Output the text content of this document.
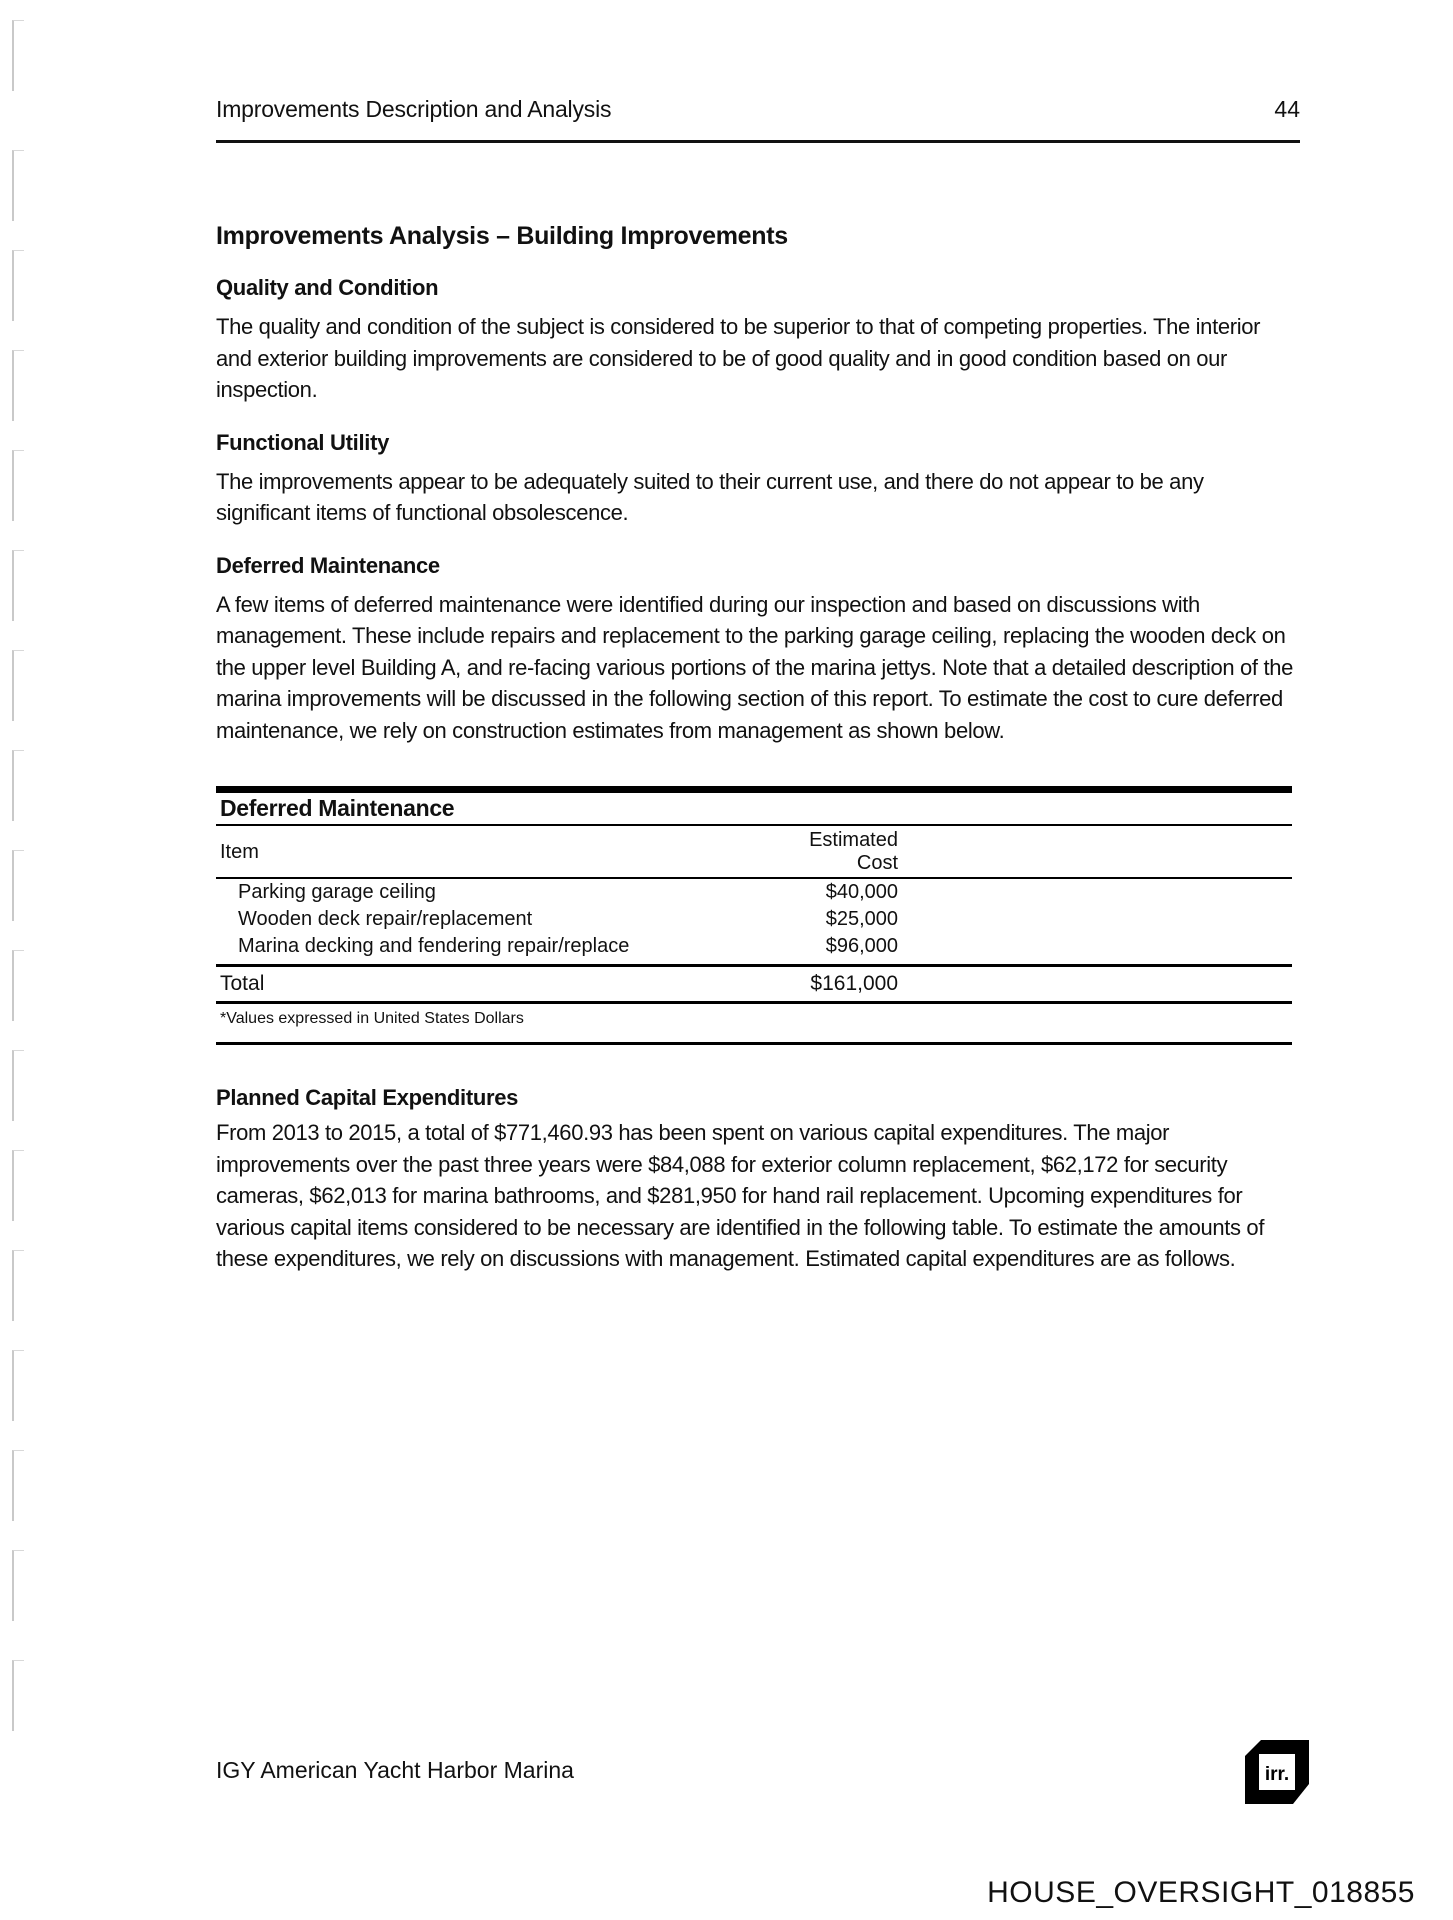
Improvements Description and Analysis	44
Improvements Analysis – Building Improvements
Quality and Condition

The quality and condition of the subject is considered to be superior to that of competing properties. The interior and exterior building improvements are considered to be of good quality and in good condition based on our inspection.

Functional Utility

The improvements appear to be adequately suited to their current use, and there do not appear to be any significant items of functional obsolescence.

Deferred Maintenance

A few items of deferred maintenance were identified during our inspection and based on discussions with management. These include repairs and replacement to the parking garage ceiling, replacing the wooden deck on the upper level Building A, and re-facing various portions of the marina jettys. Note that a detailed description of the marina improvements will be discussed in the following section of this report. To estimate the cost to cure deferred maintenance, we rely on construction estimates from management as shown below.

Deferred Maintenance		
Item	Estimated Cost	
Parking garage ceiling	$40,000	
Wooden deck repair/replacement	$25,000	
Marina decking and fendering repair/replace	$96,000	
Total	$161,000	
*Values expressed in United States Dollars		
Planned Capital Expenditures

From 2013 to 2015, a total of $771,460.93 has been spent on various capital expenditures. The major improvements over the past three years were $84,088 for exterior column replacement, $62,172 for security cameras, $62,013 for marina bathrooms, and $281,950 for hand rail replacement. Upcoming expenditures for various capital items considered to be necessary are identified in the following table. To estimate the amounts of these expenditures, we rely on discussions with management. Estimated capital expenditures are as follows.

IGY American Yacht Harbor Marina	irr.
HOUSE_OVERSIGHT_018855
